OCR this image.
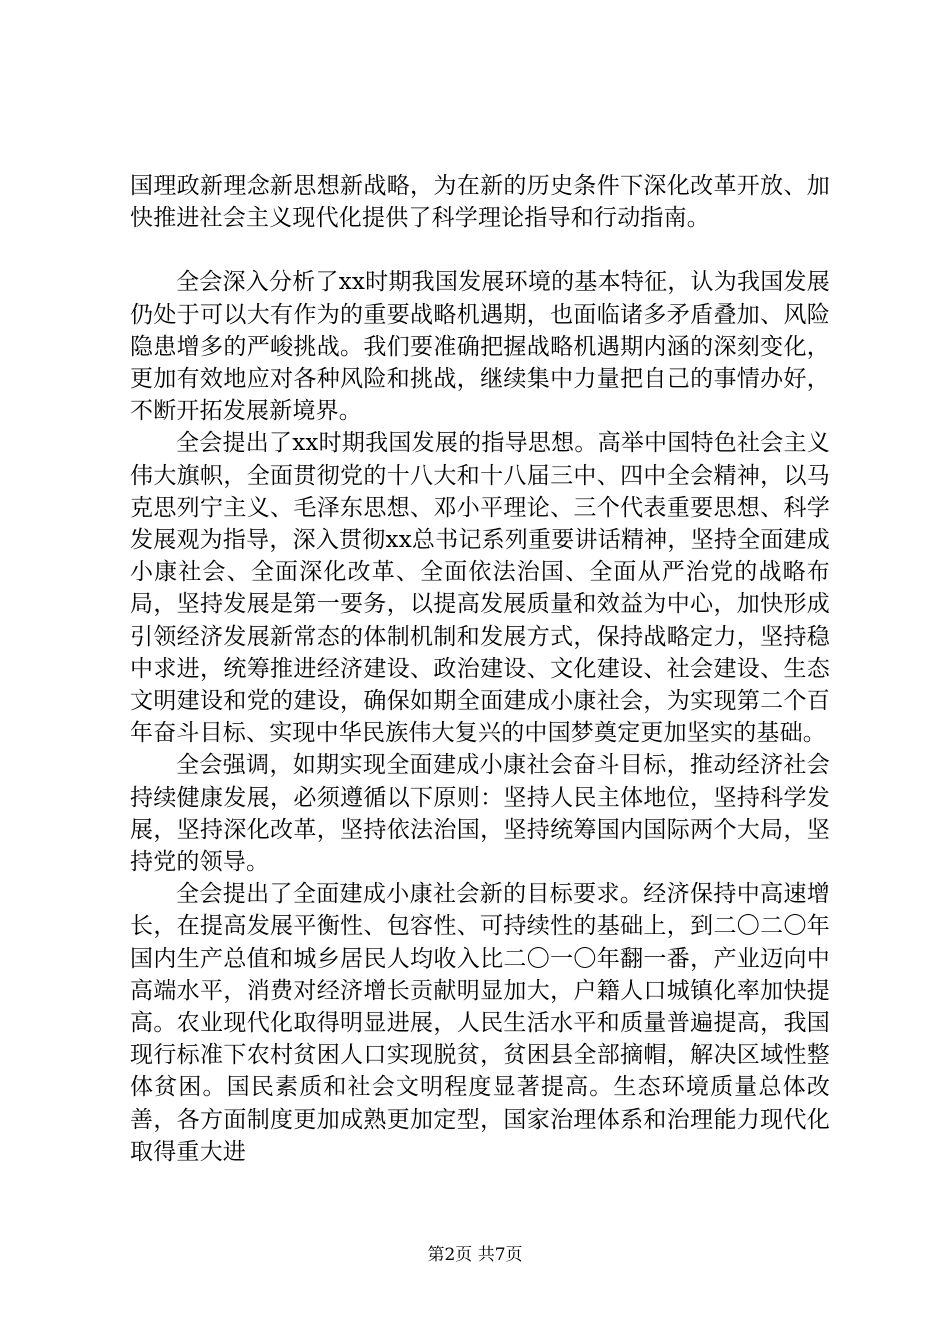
国理政新理念新思想新战略，为在新的历史条件下深化改革开放、加快推进社会主义现代化提供了科学理论指导和行动指南。

全会深入分析了xx时期我国发展环境的基本特征，认为我国发展仍处于可以大有作为的重要战略机遇期，也面临诸多矛盾叠加、风险隐患增多的严峻挑战。我们要准确把握战略机遇期内涵的深刻变化，更加有效地应对各种风险和挑战，继续集中力量把自己的事情办好，不断开拓发展新境界。

全会提出了xx时期我国发展的指导思想。高举中国特色社会主义伟大旗帜，全面贯彻党的十八大和十八届三中、四中全会精神，以马克思列宁主义、毛泽东思想、邓小平理论、三个代表重要思想、科学发展观为指导，深入贯彻xx总书记系列重要讲话精神，坚持全面建成小康社会、全面深化改革、全面依法治国、全面从严治党的战略布局，坚持发展是第一要务，以提高发展质量和效益为中心，加快形成引领经济发展新常态的体制机制和发展方式，保持战略定力，坚持稳中求进，统筹推进经济建设、政治建设、文化建设、社会建设、生态文明建设和党的建设，确保如期全面建成小康社会，为实现第二个百年奋斗目标、实现中华民族伟大复兴的中国梦奠定更加坚实的基础。

全会强调，如期实现全面建成小康社会奋斗目标，推动经济社会持续健康发展，必须遵循以下原则：坚持人民主体地位，坚持科学发展，坚持深化改革，坚持依法治国，坚持统筹国内国际两个大局，坚持党的领导。

全会提出了全面建成小康社会新的目标要求。经济保持中高速增长，在提高发展平衡性、包容性、可持续性的基础上，到二〇二〇年国内生产总值和城乡居民人均收入比二〇一〇年翻一番，产业迈向中高端水平，消费对经济增长贡献明显加大，户籍人口城镇化率加快提高。农业现代化取得明显进展，人民生活水平和质量普遍提高，我国现行标准下农村贫困人口实现脱贫，贫困县全部摘帽，解决区域性整体贫困。国民素质和社会文明程度显著提高。生态环境质量总体改善，各方面制度更加成熟更加定型，国家治理体系和治理能力现代化取得重大进

第2页 共7页
